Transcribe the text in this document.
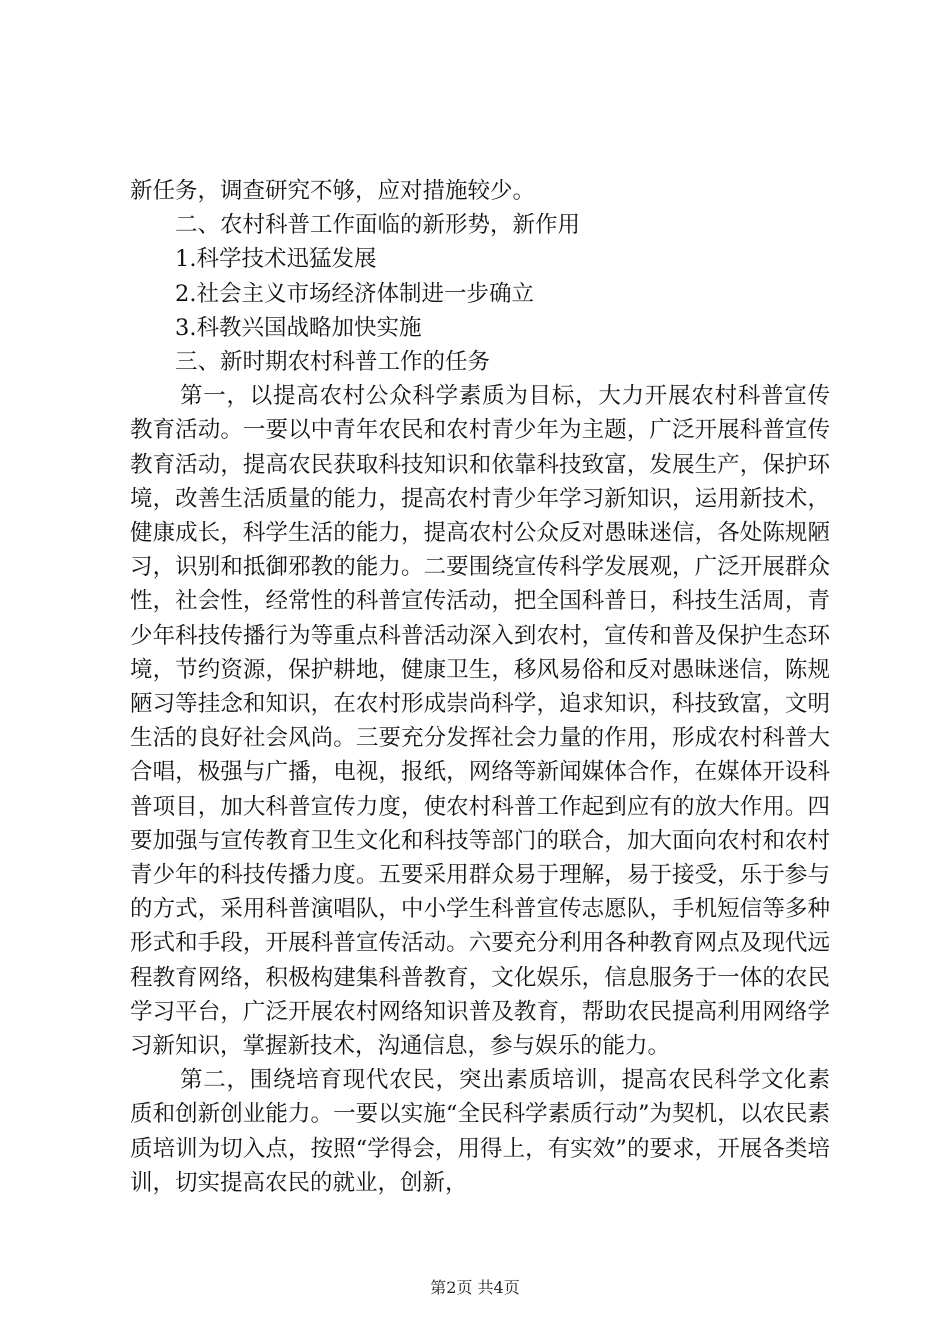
新任务，调查研究不够，应对措施较少。

二、农村科普工作面临的新形势，新作用

1.科学技术迅猛发展

2.社会主义市场经济体制进一步确立

3.科教兴国战略加快实施

三、新时期农村科普工作的任务

第一，以提高农村公众科学素质为目标，大力开展农村科普宣传教育活动。一要以中青年农民和农村青少年为主题，广泛开展科普宣传教育活动，提高农民获取科技知识和依靠科技致富，发展生产，保护环境，改善生活质量的能力，提高农村青少年学习新知识，运用新技术，健康成长，科学生活的能力，提高农村公众反对愚昧迷信，各处陈规陋习，识别和抵御邪教的能力。二要围绕宣传科学发展观，广泛开展群众性，社会性，经常性的科普宣传活动，把全国科普日，科技生活周，青少年科技传播行为等重点科普活动深入到农村，宣传和普及保护生态环境，节约资源，保护耕地，健康卫生，移风易俗和反对愚昧迷信，陈规陋习等挂念和知识，在农村形成崇尚科学，追求知识，科技致富，文明生活的良好社会风尚。三要充分发挥社会力量的作用，形成农村科普大合唱，极强与广播，电视，报纸，网络等新闻媒体合作，在媒体开设科普项目，加大科普宣传力度，使农村科普工作起到应有的放大作用。四要加强与宣传教育卫生文化和科技等部门的联合，加大面向农村和农村青少年的科技传播力度。五要采用群众易于理解，易于接受，乐于参与的方式，采用科普演唱队，中小学生科普宣传志愿队，手机短信等多种形式和手段，开展科普宣传活动。六要充分利用各种教育网点及现代远程教育网络，积极构建集科普教育，文化娱乐，信息服务于一体的农民学习平台，广泛开展农村网络知识普及教育，帮助农民提高利用网络学习新知识，掌握新技术，沟通信息，参与娱乐的能力。

第二，围绕培育现代农民，突出素质培训，提高农民科学文化素质和创新创业能力。一要以实施“全民科学素质行动”为契机，以农民素质培训为切入点，按照“学得会，用得上，有实效”的要求，开展各类培训，切实提高农民的就业，创新，

第2页 共4页
